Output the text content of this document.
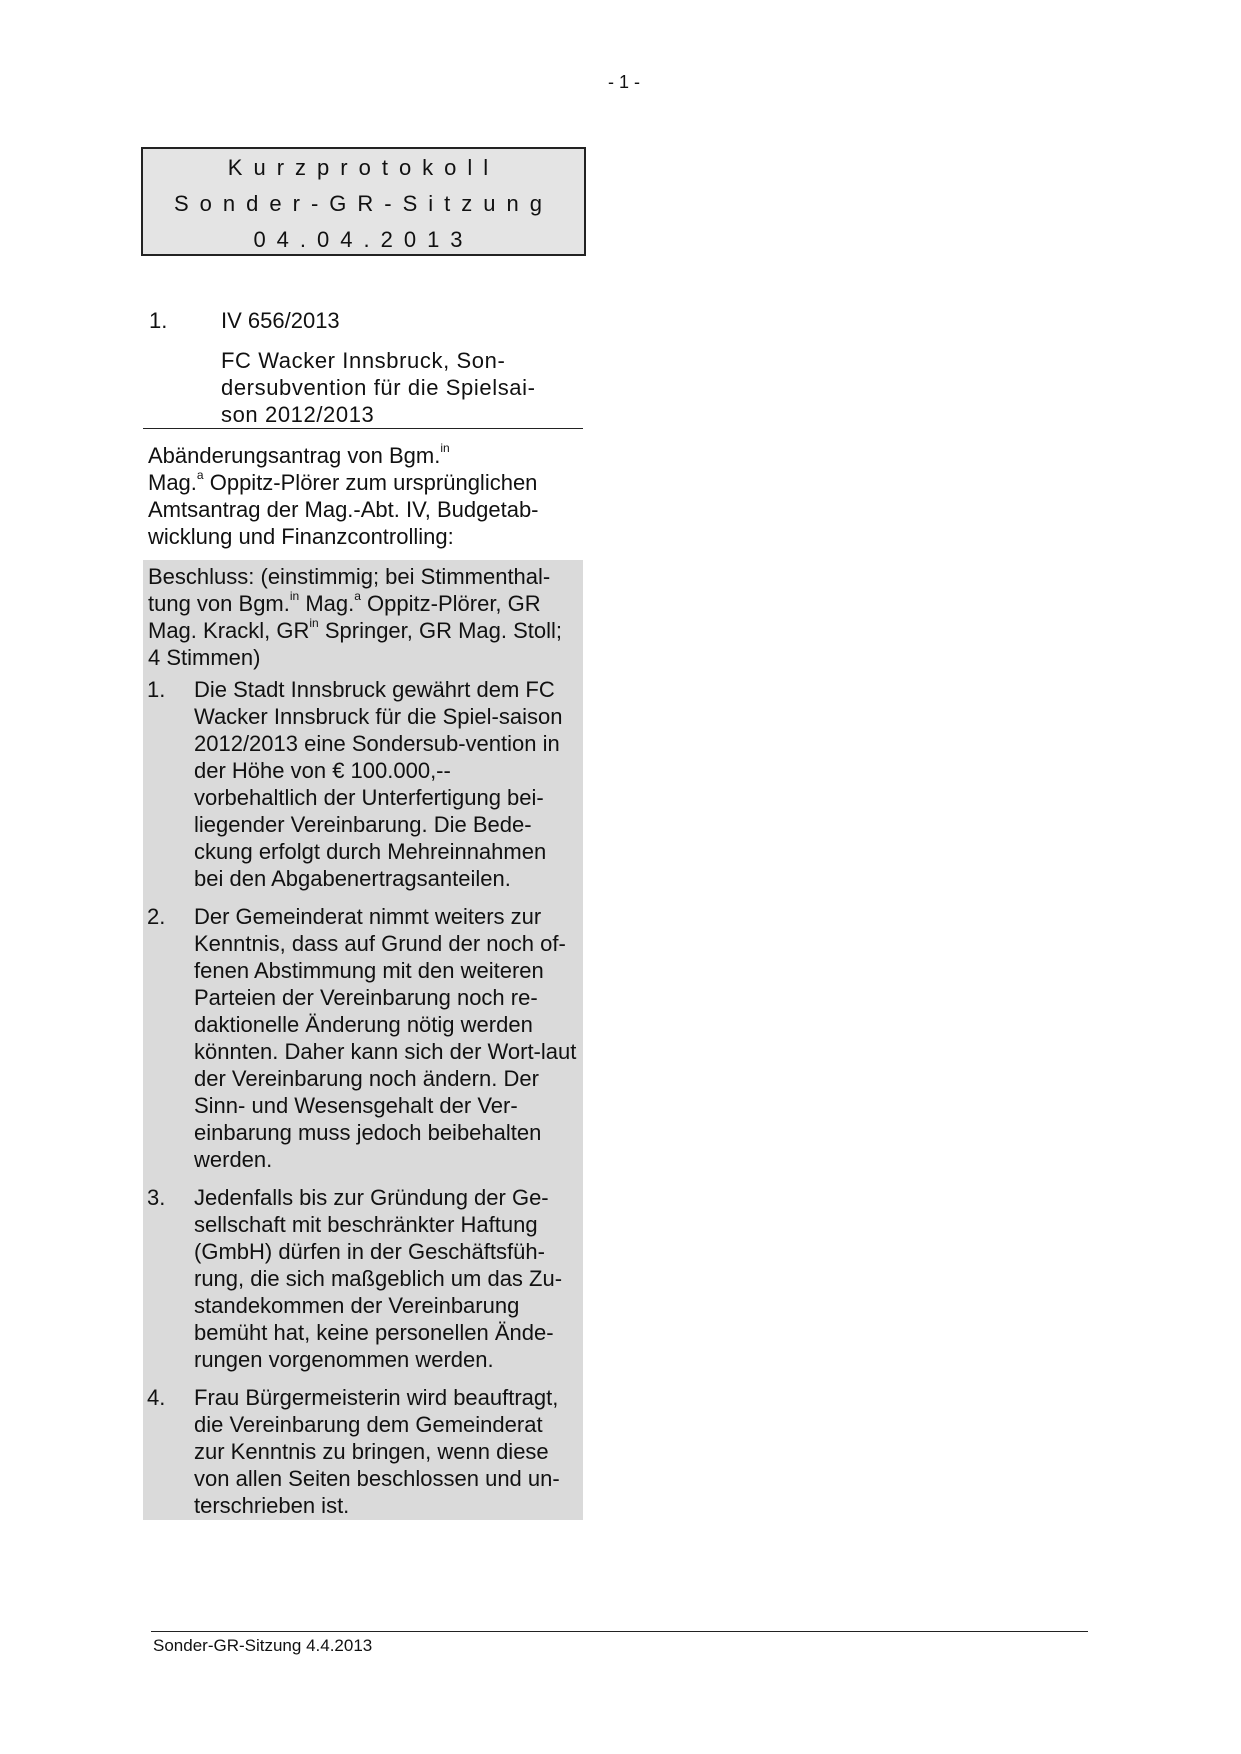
- 1 -
Kurzprotokoll
Sonder-GR-Sitzung
04.04.2013
1. IV 656/2013
FC Wacker Innsbruck, Son-dersubvention für die Spielsai-son 2012/2013
Abänderungsantrag von Bgm.$^{in}$
Mag.$^a$ Oppitz-Plörer zum ursprünglichen Amtsantrag der Mag.-Abt. IV, Budgetab-wicklung und Finanzcontrolling:
Beschluss: (einstimmig; bei Stimmenthal-tung von Bgm.$^{in}$ Mag.$^a$ Oppitz-Plörer, GR Mag. Krackl, $GR^{in}$ Springer, GR Mag. Stoll; 4 Stimmen)
1. Die Stadt Innsbruck gewährt dem FC Wacker Innsbruck für die Spiel-saison 2012/2013 eine Sondersub-vention in der Höhe von € 100.000,-- vorbehaltlich der Unterfertigung bei-liegender Vereinbarung. Die Bede-ckung erfolgt durch Mehreinnahmen bei den Abgabenertragsanteilen.
2. Der Gemeinderat nimmt weiters zur Kenntnis, dass auf Grund der noch of-fenen Abstimmung mit den weiteren Parteien der Vereinbarung noch re-daktionelle Änderung nötig werden könnten. Daher kann sich der Wort-laut der Vereinbarung noch ändern. Der Sinn- und Wesensgehalt der Ver-einbarung muss jedoch beibehalten werden.
3. Jedenfalls bis zur Gründung der Ge-sellschaft mit beschränkter Haftung (GmbH) dürfen in der Geschäftsfüh-rung, die sich maßgeblich um das Zu-standekommen der Vereinbarung bemüht hat, keine personellen Ände-rungen vorgenommen werden.
4. Frau Bürgermeisterin wird beauftragt, die Vereinbarung dem Gemeinderat zur Kenntnis zu bringen, wenn diese von allen Seiten beschlossen und un-terschrieben ist.
Sonder-GR-Sitzung 4.4.2013
